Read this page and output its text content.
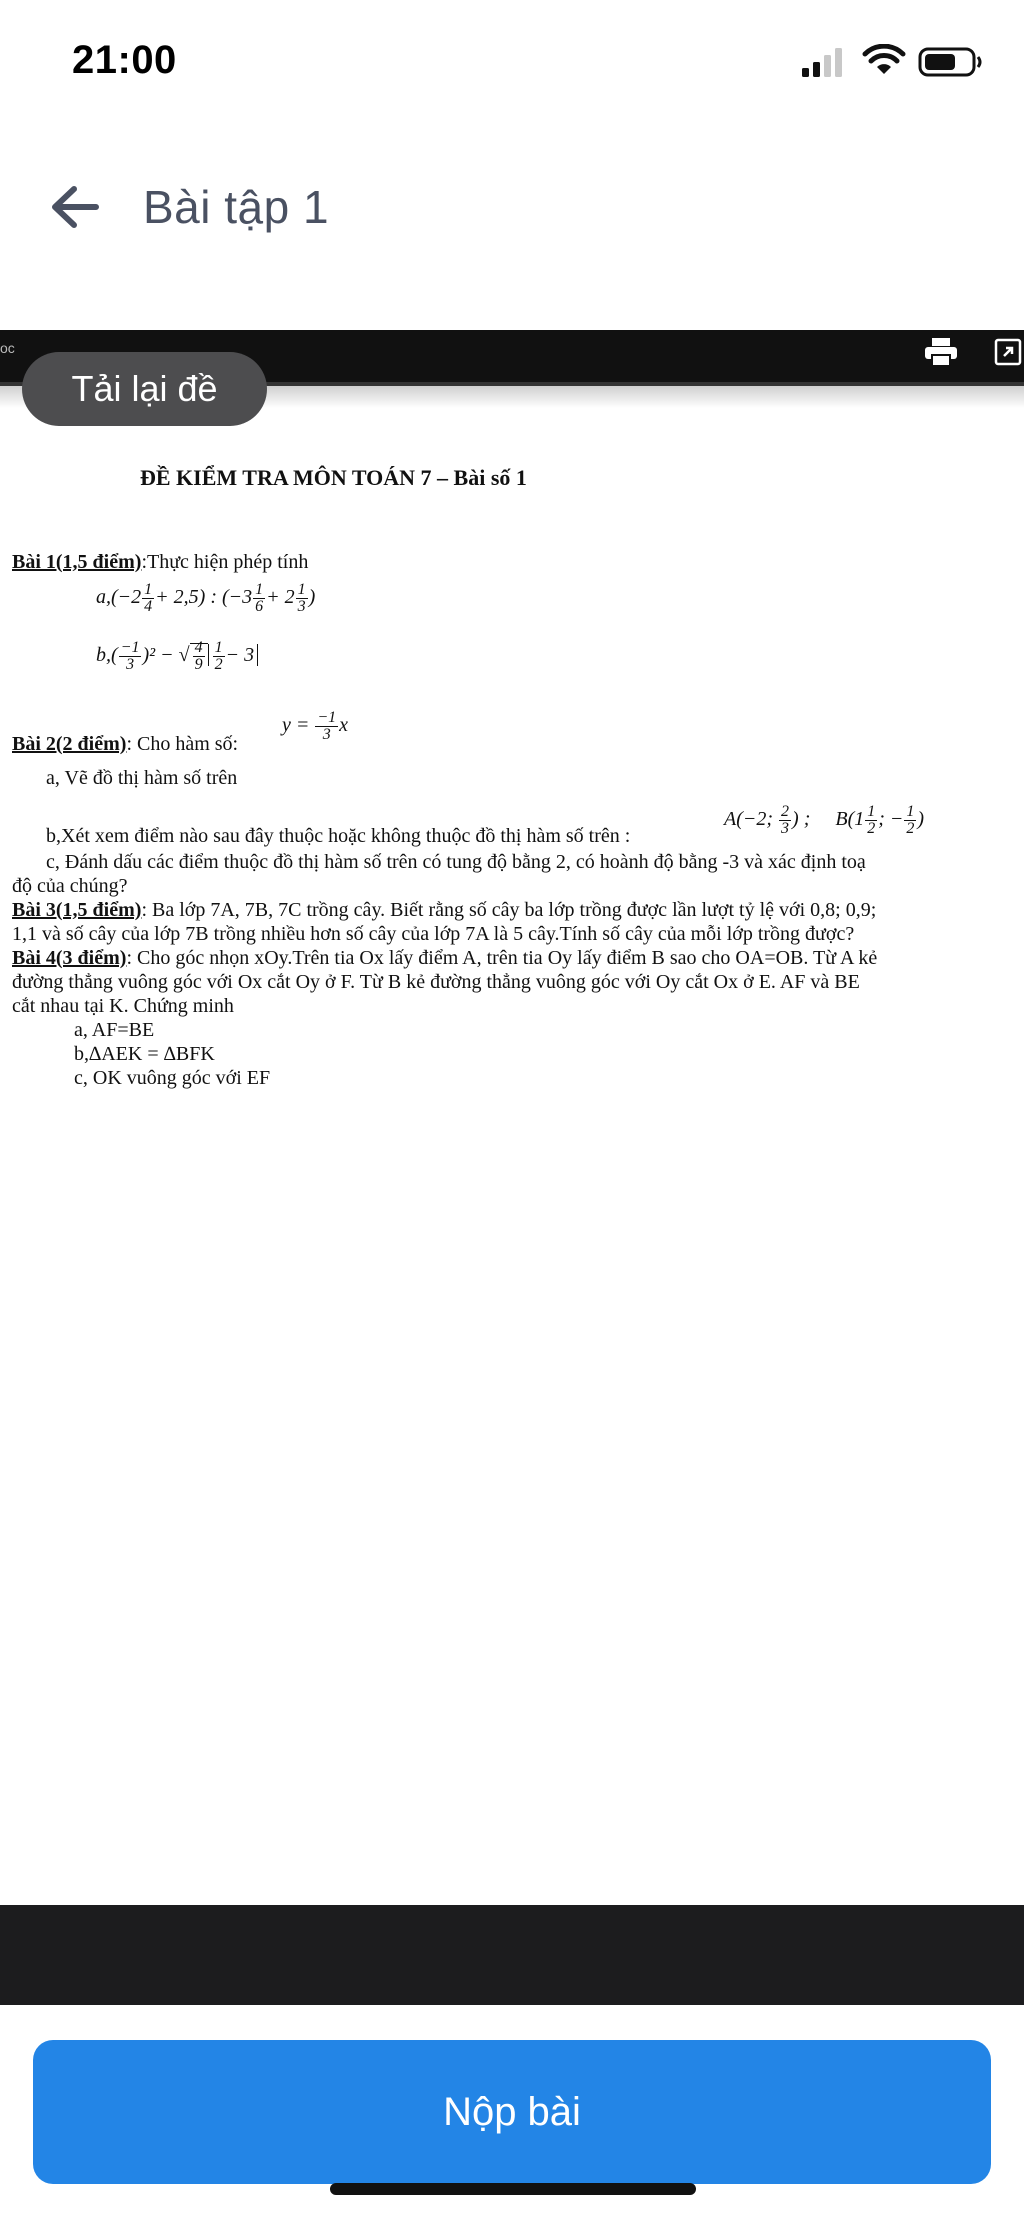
21:00
Bài tập 1
oc
Tải lại đề
ĐỀ KIỂM TRA MÔN TOÁN 7 – Bài số 1
Bài 1(1,5 điểm):Thực hiện phép tính
$a,(-2 \frac{1}{4} + 2,5)$ : ($-3 \frac{1}{6} + 2 \frac{1}{3}$ )
$b,( \frac{-1}{3} )^2$ − √ $\frac{4}{9} \frac{1}{2} - 3$
Bài 2(2 điểm): Cho hàm số:
$y = \frac{-1}{3}$ x
a, Vẽ đồ thị hàm số trên
b,Xét xem điểm nào sau đây thuộc hoặc không thuộc đồ thị hàm số trên :
A(−2; $\frac{2}{3}$ ) ;     $B(1 \frac{1}{2}$ ; − $\frac{1}{2}$ )
c, Đánh dấu các điểm thuộc đồ thị hàm số trên có tung độ bằng 2, có hoành độ bằng -3 và xác định toạ
độ của chúng?
Bài 3(1,5 điểm): Ba lớp 7A, 7B, 7C trồng cây. Biết rằng số cây ba lớp trồng được lần lượt tỷ lệ với 0,8; 0,9;
1,1 và số cây của lớp 7B trồng nhiều hơn số cây của lớp 7A là 5 cây.Tính số cây của mỗi lớp trồng được?
Bài 4(3 điểm): Cho góc nhọn xOy.Trên tia Ox lấy điểm A, trên tia Oy lấy điểm B sao cho OA=OB. Từ A kẻ
đường thẳng vuông góc với Ox cắt Oy ở F. Từ B kẻ đường thẳng vuông góc với Oy cắt Ox ở E. AF và BE
cắt nhau tại K. Chứng minh
a, AF=BE
b,∆AEK = ∆BFK
c, OK vuông góc với EF
Nộp bài
